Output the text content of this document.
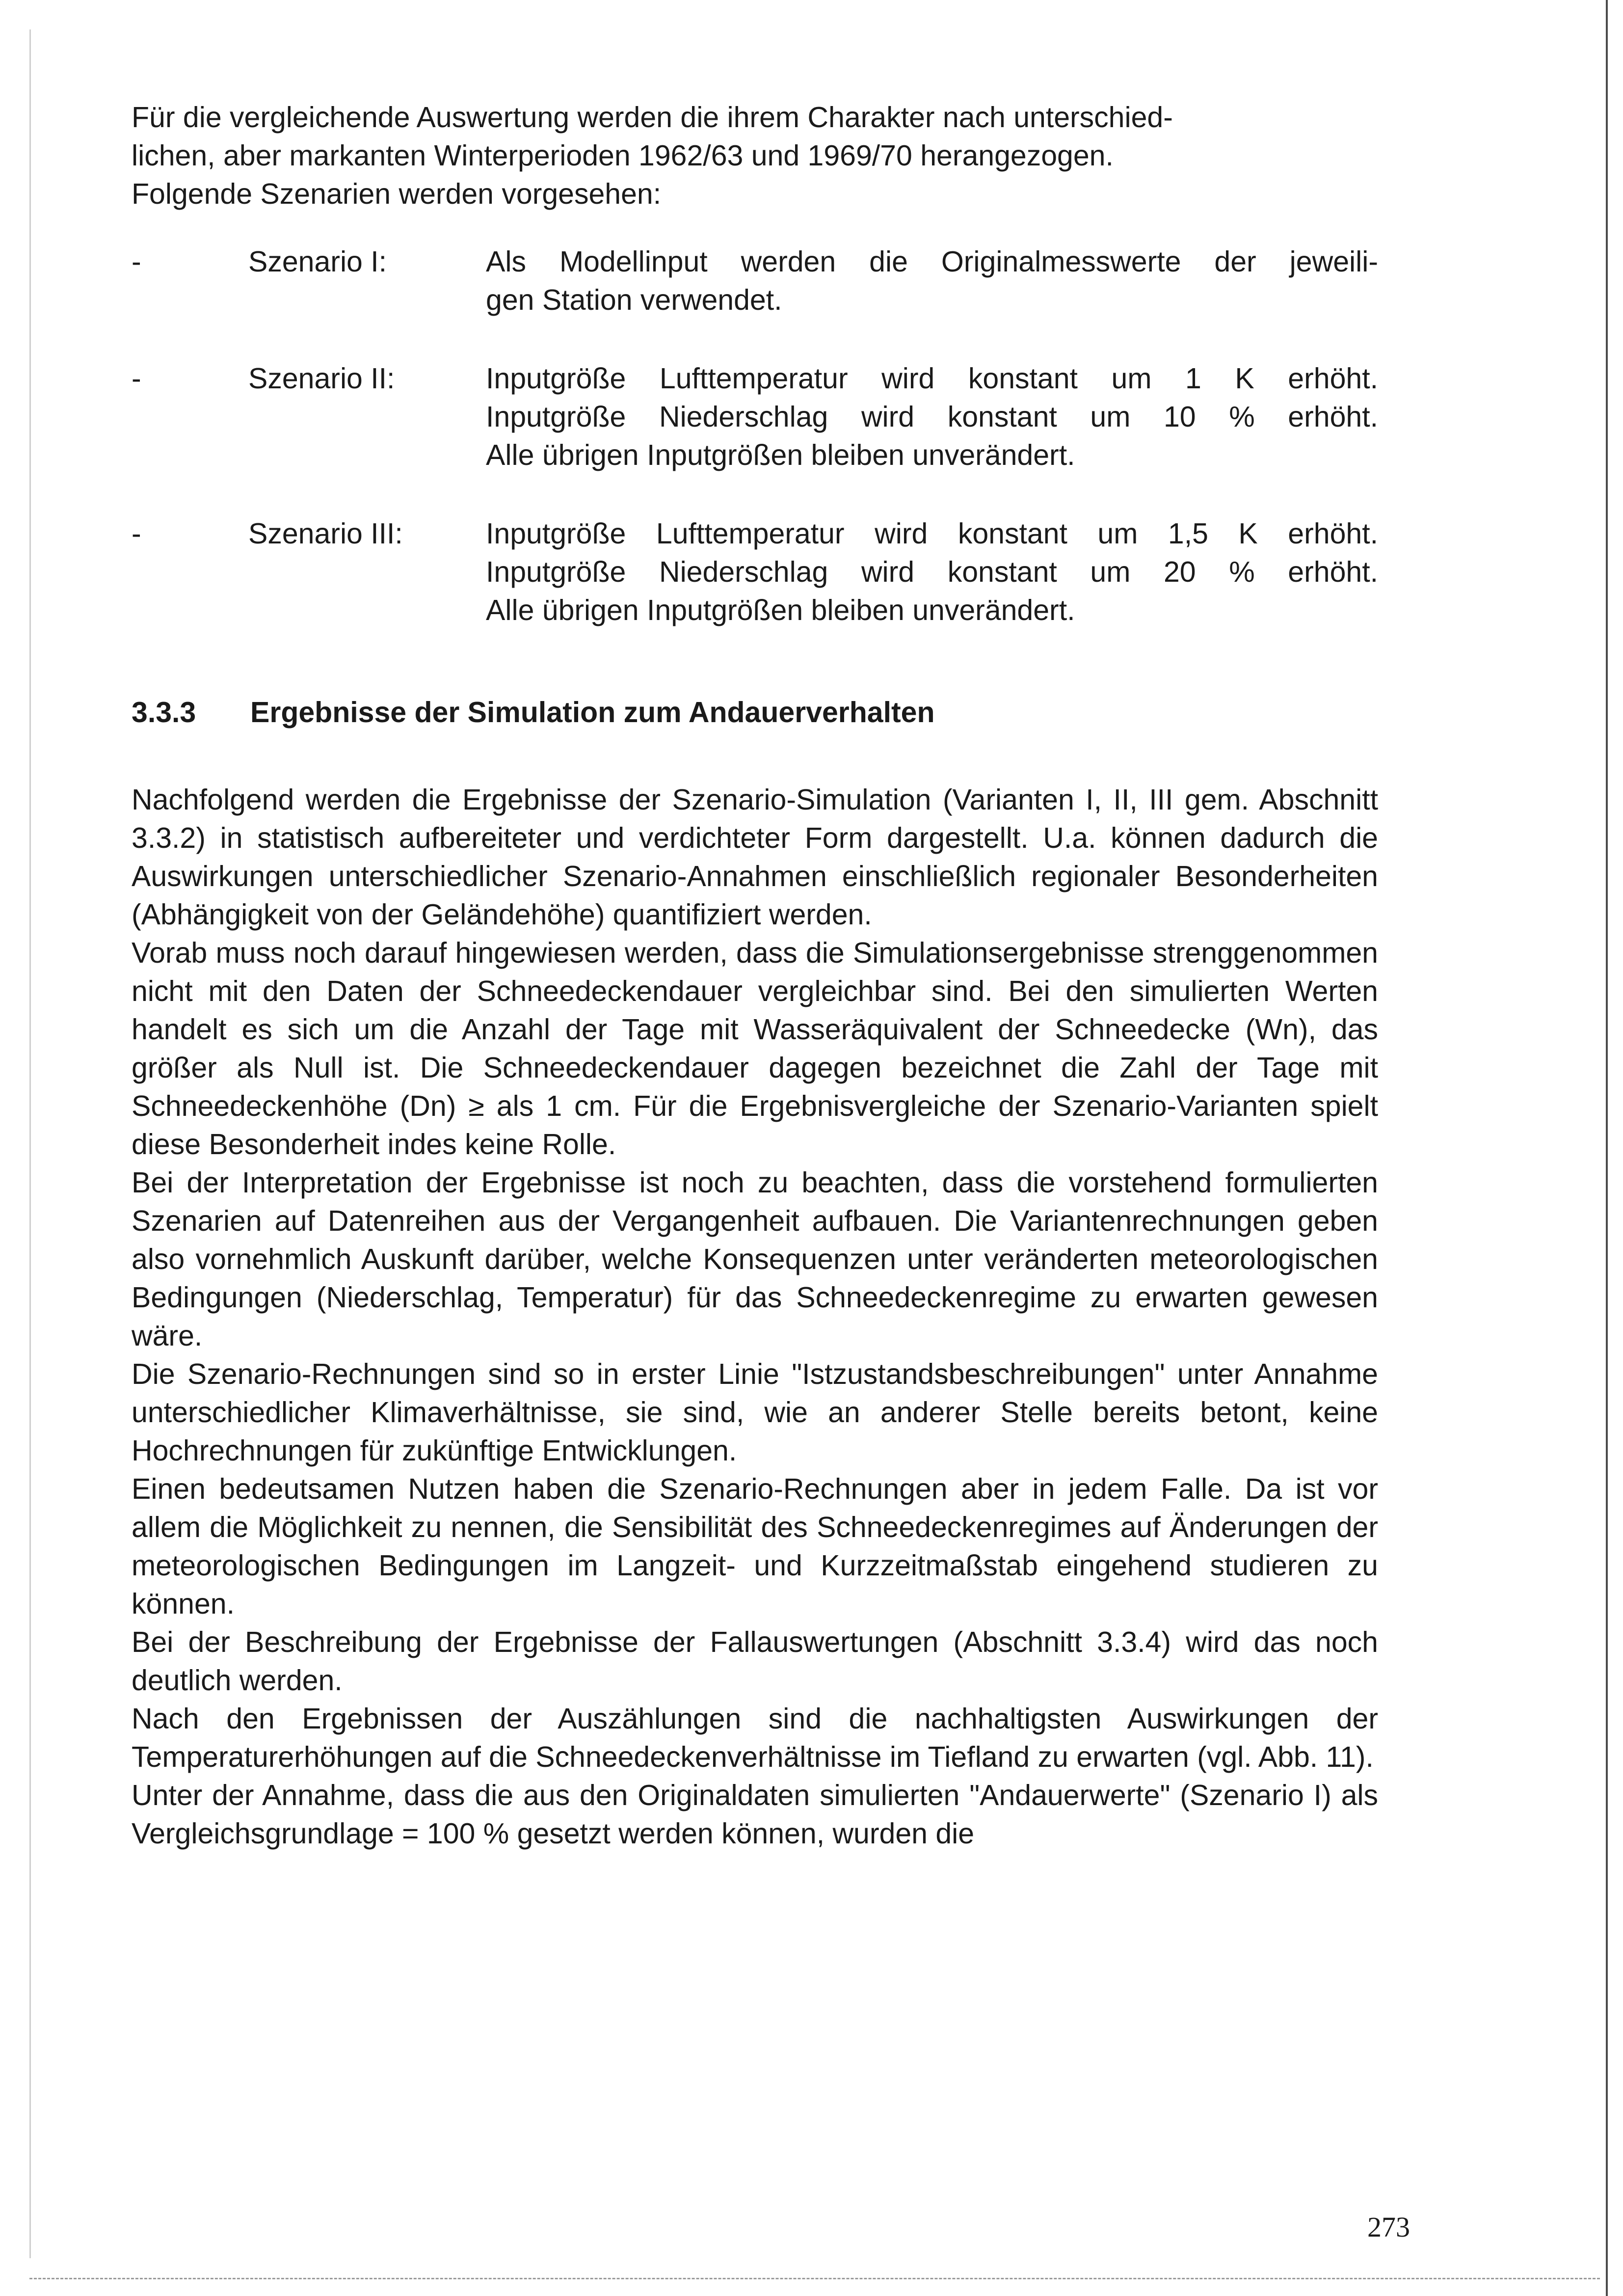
Für die vergleichende Auswertung werden die ihrem Charakter nach unterschied-

lichen, aber markanten Winterperioden 1962/63 und 1969/70 herangezogen.

Folgende Szenarien werden vorgesehen:

-	Szenario I:	Als Modellinput werden die Originalmesswerte der jeweili-

gen Station verwendet.

-	Szenario II:	Inputgröße Lufttemperatur wird konstant um 1 K erhöht.

Inputgröße Niederschlag wird konstant um 10 % erhöht.

Alle übrigen Inputgrößen bleiben unverändert.

-	Szenario III:	Inputgröße Lufttemperatur wird konstant um 1,5 K erhöht.

Inputgröße Niederschlag wird konstant um 20 % erhöht.

Alle übrigen Inputgrößen bleiben unverändert.

3.3.3 Ergebnisse der Simulation zum Andauerverhalten

Nachfolgend werden die Ergebnisse der Szenario-Simulation (Varianten I, II, III gem. Abschnitt 3.3.2) in statistisch aufbereiteter und verdichteter Form dargestellt. U.a. können dadurch die Auswirkungen unterschiedlicher Szenario-Annahmen einschließlich regionaler Besonderheiten (Abhängigkeit von der Geländehöhe) quantifiziert werden.

Vorab muss noch darauf hingewiesen werden, dass die Simulationsergebnisse strenggenommen nicht mit den Daten der Schneedeckendauer vergleichbar sind. Bei den simulierten Werten handelt es sich um die Anzahl der Tage mit Wasseräquivalent der Schneedecke (Wn), das größer als Null ist. Die Schneedeckendauer dagegen bezeichnet die Zahl der Tage mit Schneedeckenhöhe (Dn) ≥ als 1 cm. Für die Ergebnisvergleiche der Szenario-Varianten spielt diese Besonderheit indes keine Rolle.

Bei der Interpretation der Ergebnisse ist noch zu beachten, dass die vorstehend formulierten Szenarien auf Datenreihen aus der Vergangenheit aufbauen. Die Variantenrechnungen geben also vornehmlich Auskunft darüber, welche Konsequenzen unter veränderten meteorologischen Bedingungen (Niederschlag, Temperatur) für das Schneedeckenregime zu erwarten gewesen wäre.

Die Szenario-Rechnungen sind so in erster Linie "Istzustandsbeschreibungen" unter Annahme unterschiedlicher Klimaverhältnisse, sie sind, wie an anderer Stelle bereits betont, keine Hochrechnungen für zukünftige Entwicklungen.

Einen bedeutsamen Nutzen haben die Szenario-Rechnungen aber in jedem Falle. Da ist vor allem die Möglichkeit zu nennen, die Sensibilität des Schneedeckenregimes auf Änderungen der meteorologischen Bedingungen im Langzeit- und Kurzzeitmaßstab eingehend studieren zu können.

Bei der Beschreibung der Ergebnisse der Fallauswertungen (Abschnitt 3.3.4) wird das noch deutlich werden.

Nach den Ergebnissen der Auszählungen sind die nachhaltigsten Auswirkungen der Temperaturerhöhungen auf die Schneedeckenverhältnisse im Tiefland zu erwarten (vgl. Abb. 11).

Unter der Annahme, dass die aus den Originaldaten simulierten "Andauerwerte" (Szenario I) als Vergleichsgrundlage = 100 % gesetzt werden können, wurden die

273
